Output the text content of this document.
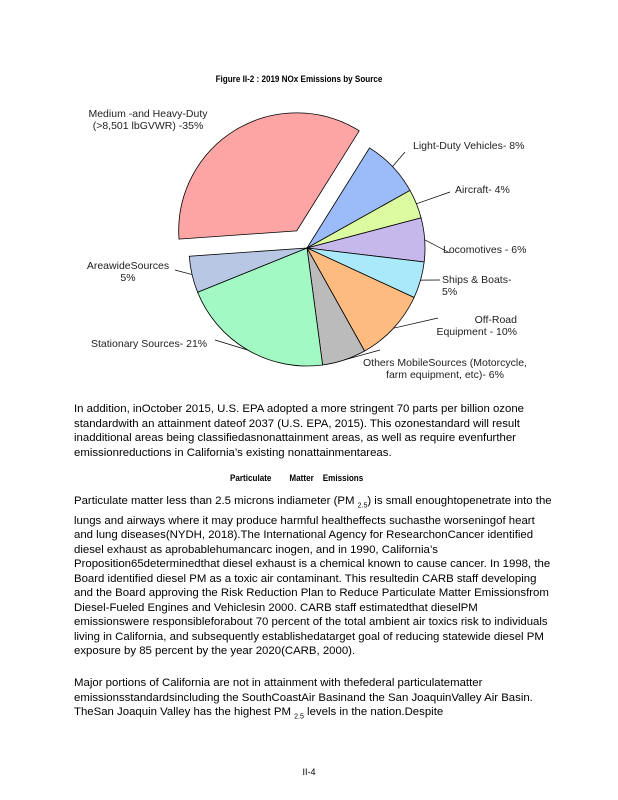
Figure II-2 : 2019 NOx Emissions by Source
Light-Duty Vehicles- 8%
Aircraft- 4%
Locomotives - 6%
Ships & Boats-5%
Off-Road Equipment - 10%
Others MobileSources (Motorcycle, farm equipment, etc)- 6%
Stationary Sources- 21%
AreawideSources 5%
Medium -and Heavy-Duty (>8,501 lbGVWR) -35%

In addition, inOctober 2015, U.S. EPA adopted a more stringent 70 parts per billion ozone standardwith an attainment dateof 2037 (U.S. EPA, 2015). This ozonestandard will result inadditional areas being classifiedasnonattainment areas, as well as require evenfurther emissionreductions in California’s existing nonattainmentareas.

Particulate        Matter    Emissions

Particulate matter less than 2.5 microns indiameter (PM $_{2.5}$) is small enoughtopenetrate into the lungs and airways where it may produce harmful healtheffects suchasthe worseningof heart and lung diseases(NYDH, 2018).The International Agency for ResearchonCancer identified diesel exhaust as aprobablehumancarc inogen, and in 1990, California’s Proposition65determinedthat diesel exhaust is a chemical known to cause cancer. In 1998, the Board identified diesel PM as a toxic air contaminant. This resultedin CARB staff developing and the Board approving the Risk Reduction Plan to Reduce Particulate Matter Emissionsfrom Diesel-Fueled Engines and Vehiclesin 2000. CARB staff estimatedthat dieselPM emissionswere responsibleforabout 70 percent of the total ambient air toxics risk to individuals living in California, and subsequently establishedatarget goal of reducing statewide diesel PM exposure by 85 percent by the year 2020(CARB, 2000).

Major portions of California are not in attainment with thefederal particulatematter emissionsstandardsincluding the SouthCoastAir Basinand the San JoaquinValley Air Basin. TheSan Joaquin Valley has the highest PM $_{2.5}$ levels in the nation.Despite

II-4
